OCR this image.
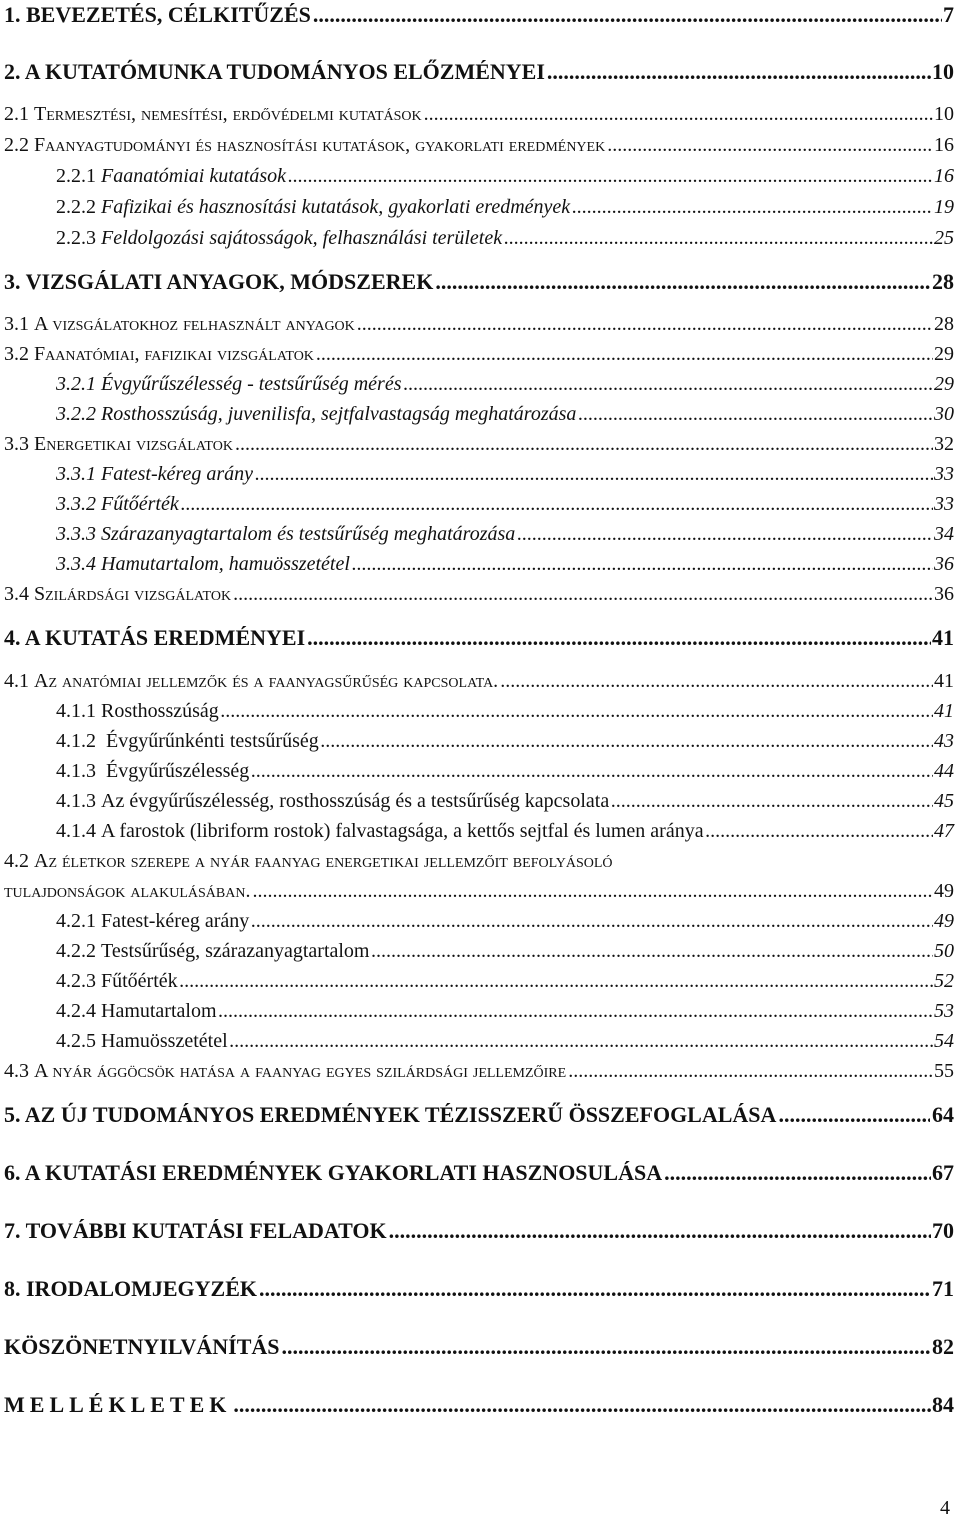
1. BEVEZETÉS, CÉLKITŰZÉS .....	7
2. A KUTATÓMUNKA TUDOMÁNYOS ELŐZMÉNYEI .....	10
2.1 Termesztési, nemesítési, erdővédelmi kutatások .....	10
2.2 Faanyagtudományi és hasznosítási kutatások, gyakorlati eredmények .....	16
2.2.1 Faanatómiai kutatások .....	16
2.2.2 Fafizikai és hasznosítási kutatások, gyakorlati eredmények .....	19
2.2.3 Feldolgozási sajátosságok, felhasználási területek .....	25
3. VIZSGÁLATI ANYAGOK, MÓDSZEREK .....	28
3.1 A vizsgálatokhoz felhasznált anyagok .....	28
3.2 Faanatómiai, fafizikai vizsgálatok .....	29
3.2.1 Évgyűrűszélesség - testsűrűség mérés .....	29
3.2.2 Rosthosszúság, juvenilisfa, sejtfalvastagság meghatározása .....	30
3.3 Energetikai vizsgálatok .....	32
3.3.1 Fatest-kéreg arány .....	33
3.3.2 Fűtőérték .....	33
3.3.3 Szárazanyagtartalom és testsűrűség meghatározása .....	34
3.3.4 Hamutartalom, hamuösszetétel .....	36
3.4 Szilárdsági vizsgálatok .....	36
4. A KUTATÁS EREDMÉNYEI .....	41
4.1 Az anatómiai jellemzők és a faanyagsűrűség kapcsolata. .....	41
4.1.1 Rosthosszúság .....	41
4.1.2 Évgyűrűnkénti testsűrűség .....	43
4.1.3 Évgyűrűszélesség .....	44
4.1.3 Az évgyűrűszélesség, rosthosszúság és a testsűrűség kapcsolata .....	45
4.1.4 A farostok (libriform rostok) falvastagsága, a kettős sejtfal és lumen aránya .....	47
4.2 Az életkor szerepe a nyár faanyag energetikai jellemzőit befolyásoló
tulajdonságok alakulásában. .....	49
4.2.1 Fatest-kéreg arány .....	49
4.2.2 Testsűrűség, szárazanyagtartalom .....	50
4.2.3 Fűtőérték .....	52
4.2.4 Hamutartalom .....	53
4.2.5 Hamuösszetétel .....	54
4.3 A nyár ággöcsök hatása a faanyag egyes szilárdsági jellemzőire .....	55
5. AZ ÚJ TUDOMÁNYOS EREDMÉNYEK TÉZISSZERŰ ÖSSZEFOGLALÁSA .....	64
6. A KUTATÁSI EREDMÉNYEK GYAKORLATI HASZNOSULÁSA .....	67
7. TOVÁBBI KUTATÁSI FELADATOK .....	70
8. IRODALOMJEGYZÉK .....	71
KÖSZÖNETNYILVÁNÍTÁS .....	82
MELLÉKLETEK .....	84
4
